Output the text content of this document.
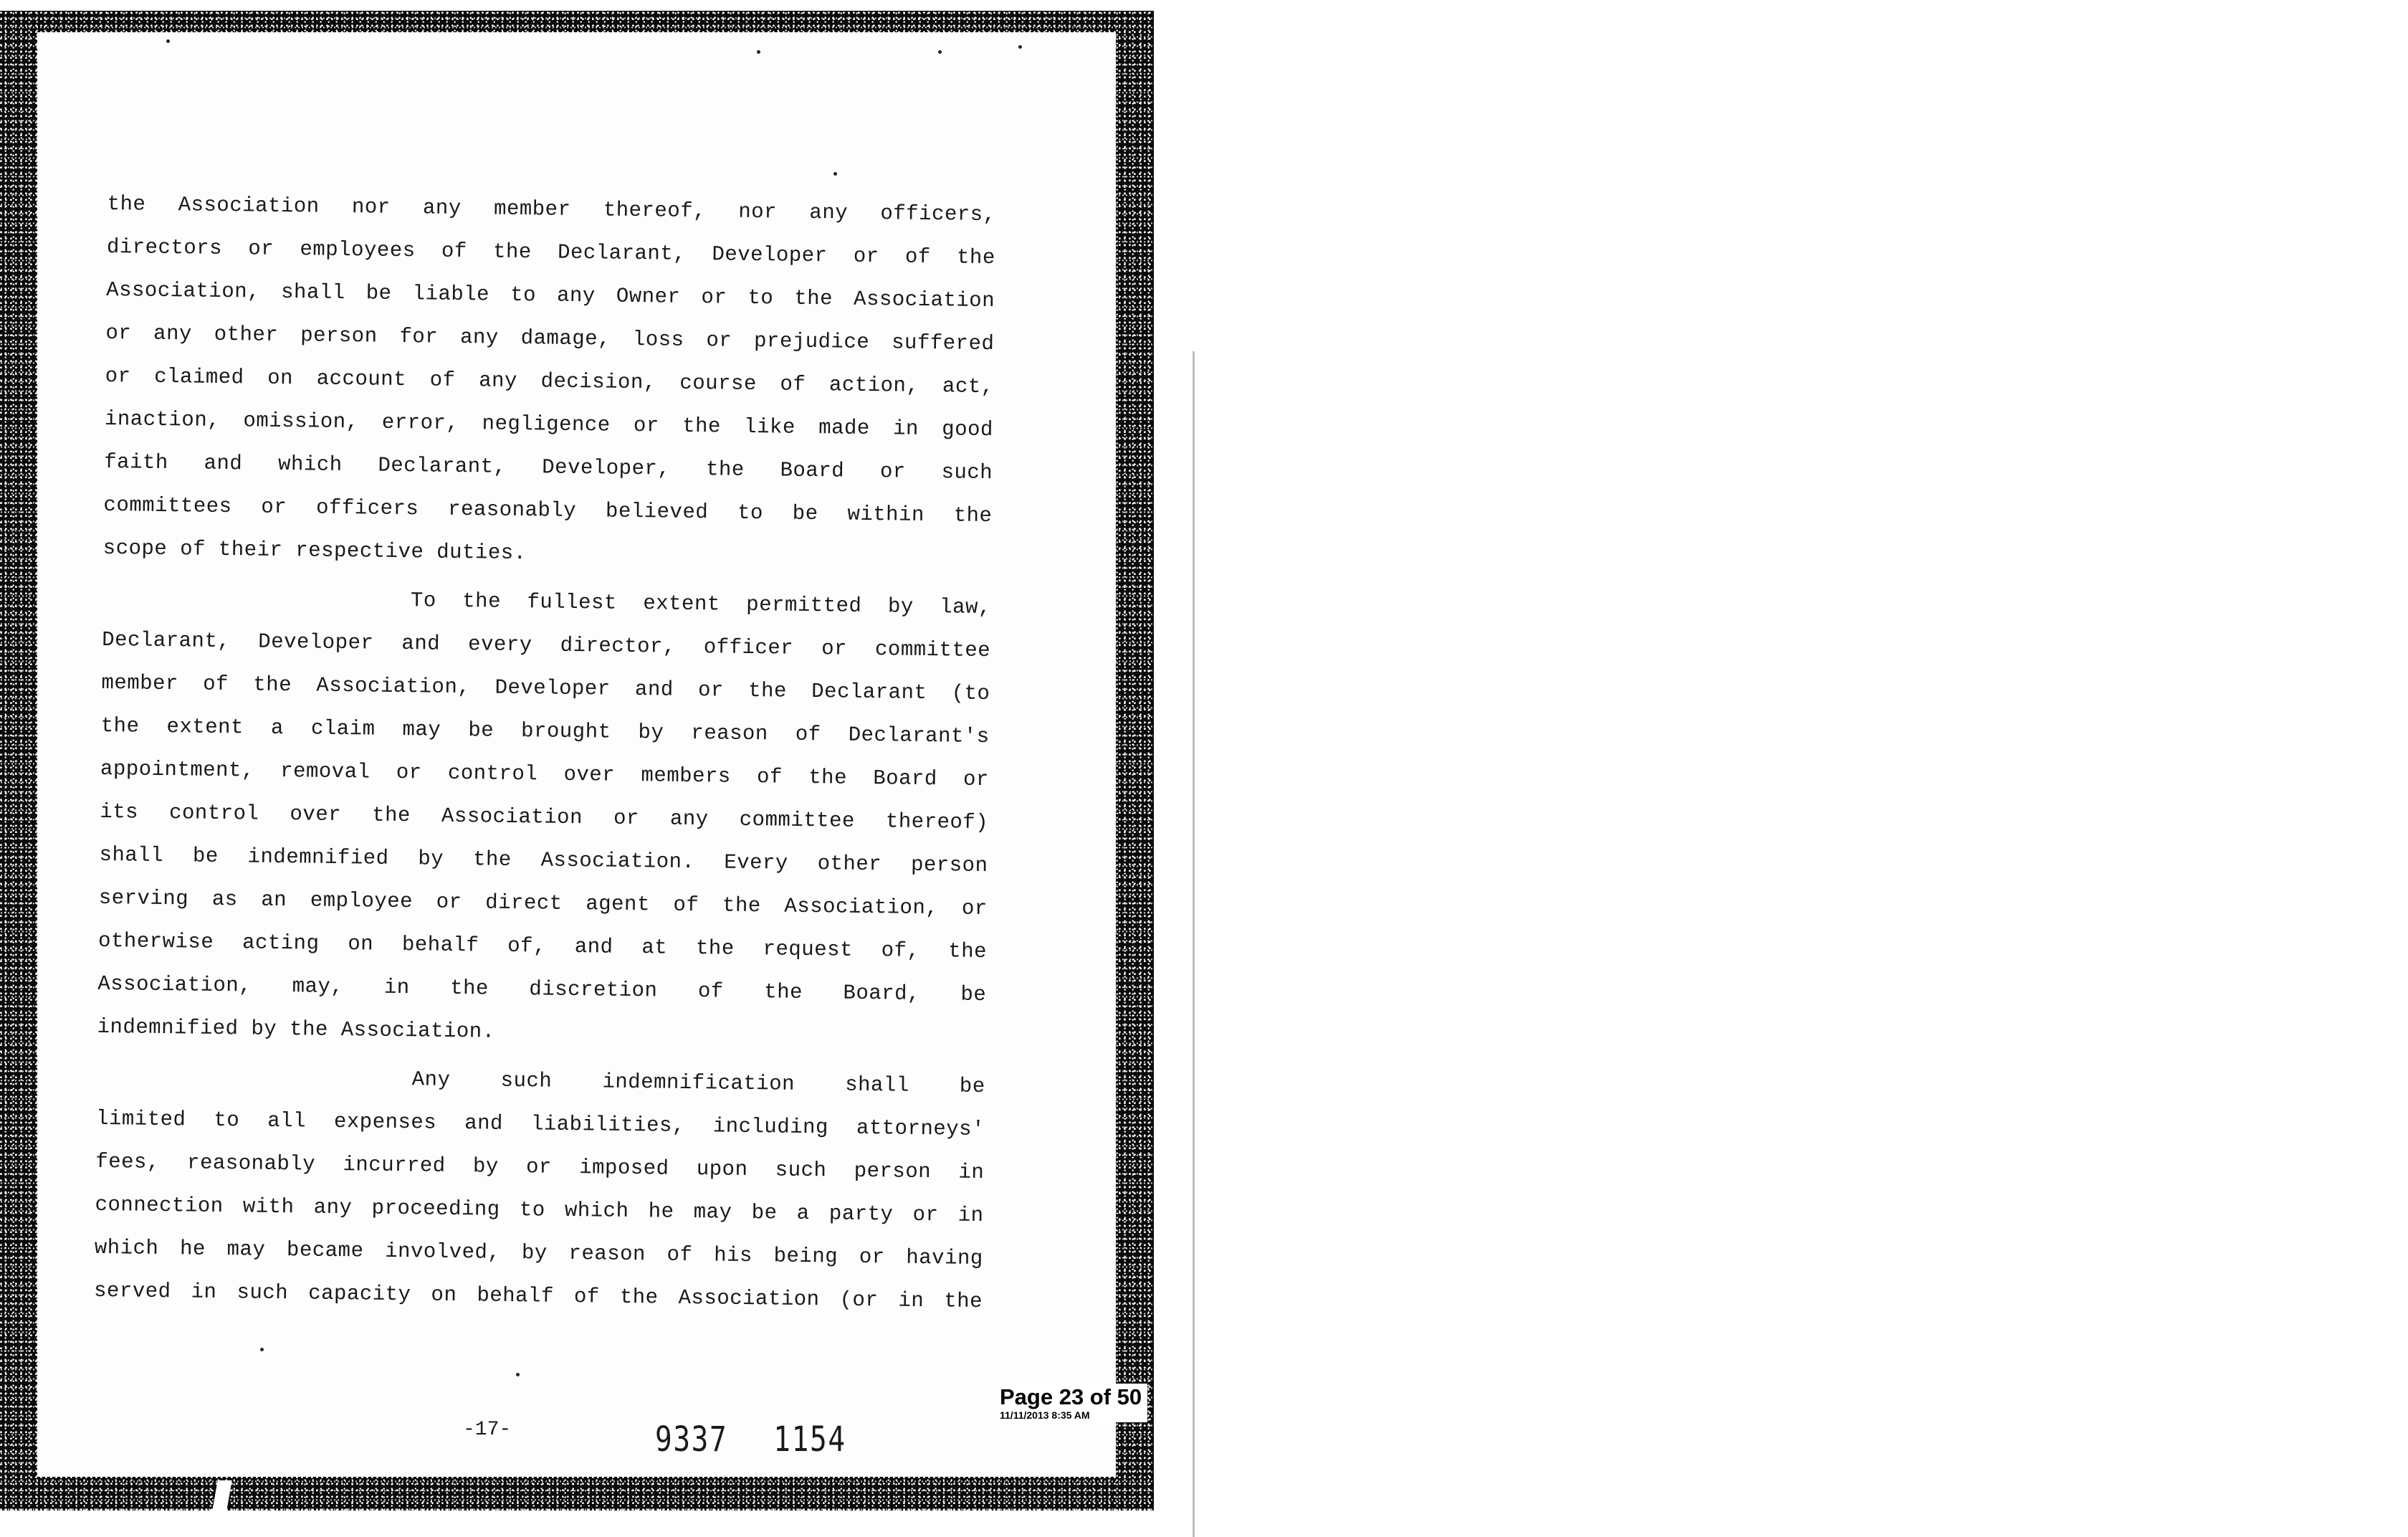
the Association nor any member thereof, nor any officers,
directors or employees of the Declarant, Developer or of the
Association, shall be liable to any Owner or to the Association
or any other person for any damage, loss or prejudice suffered
or claimed on account of any decision, course of action, act,
inaction, omission, error, negligence or the like made in good
faith and which Declarant, Developer, the Board or such
committees or officers reasonably believed to be within the
scope of their respective duties.
To the fullest extent permitted by law,
Declarant, Developer and every director, officer or committee
member of the Association, Developer and or the Declarant (to
the extent a claim may be brought by reason of Declarant's
appointment, removal or control over members of the Board or
its control over the Association or any committee thereof)
shall be indemnified by the Association. Every other person
serving as an employee or direct agent of the Association, or
otherwise acting on behalf of, and at the request of, the
Association, may, in the discretion of the Board, be
indemnified by the Association.
Any such indemnification shall be
limited to all expenses and liabilities, including attorneys'
fees, reasonably incurred by or imposed upon such person in
connection with any proceeding to which he may be a party or in
which he may became involved, by reason of his being or having
served in such capacity on behalf of the Association (or in the
-17-	9337 1154
Page 23 of 50
11/11/2013 8:35 AM
